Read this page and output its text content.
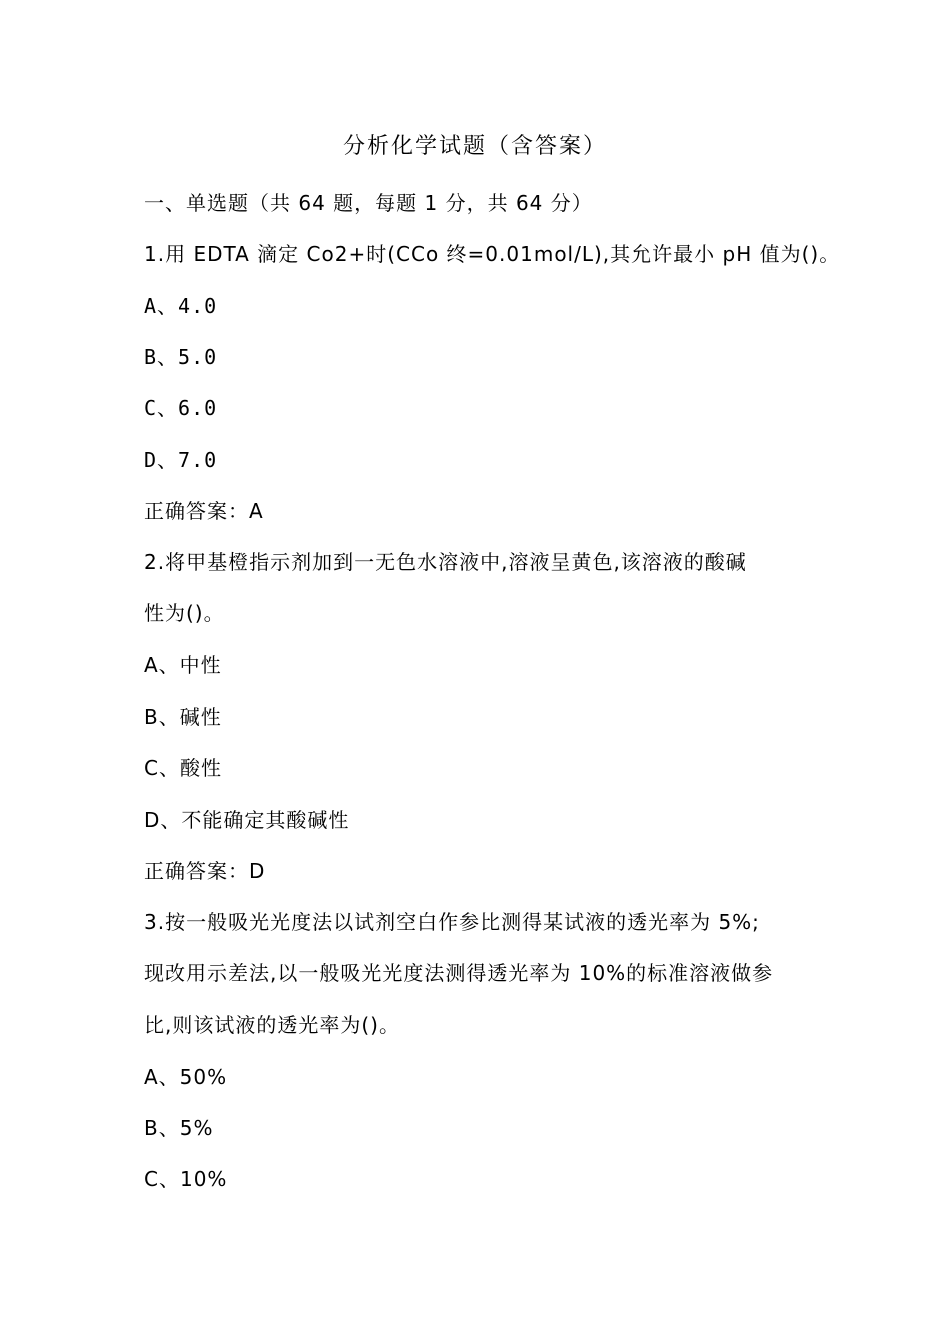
分析化学试题（含答案）
一、单选题（共 64 题，每题 1 分，共 64 分）
1.用 EDTA 滴定 Co2+时(CCo 终=0.01mol/L),其允许最小 pH 值为()。
A、4.0
B、5.0
C、6.0
D、7.0
正确答案：A
2.将甲基橙指示剂加到一无色水溶液中,溶液呈黄色,该溶液的酸碱
性为()。
A、中性
B、碱性
C、酸性
D、不能确定其酸碱性
正确答案：D
3.按一般吸光光度法以试剂空白作参比测得某试液的透光率为 5%;
现改用示差法,以一般吸光光度法测得透光率为 10%的标准溶液做参
比,则该试液的透光率为()。
A、50%
B、5%
C、10%
